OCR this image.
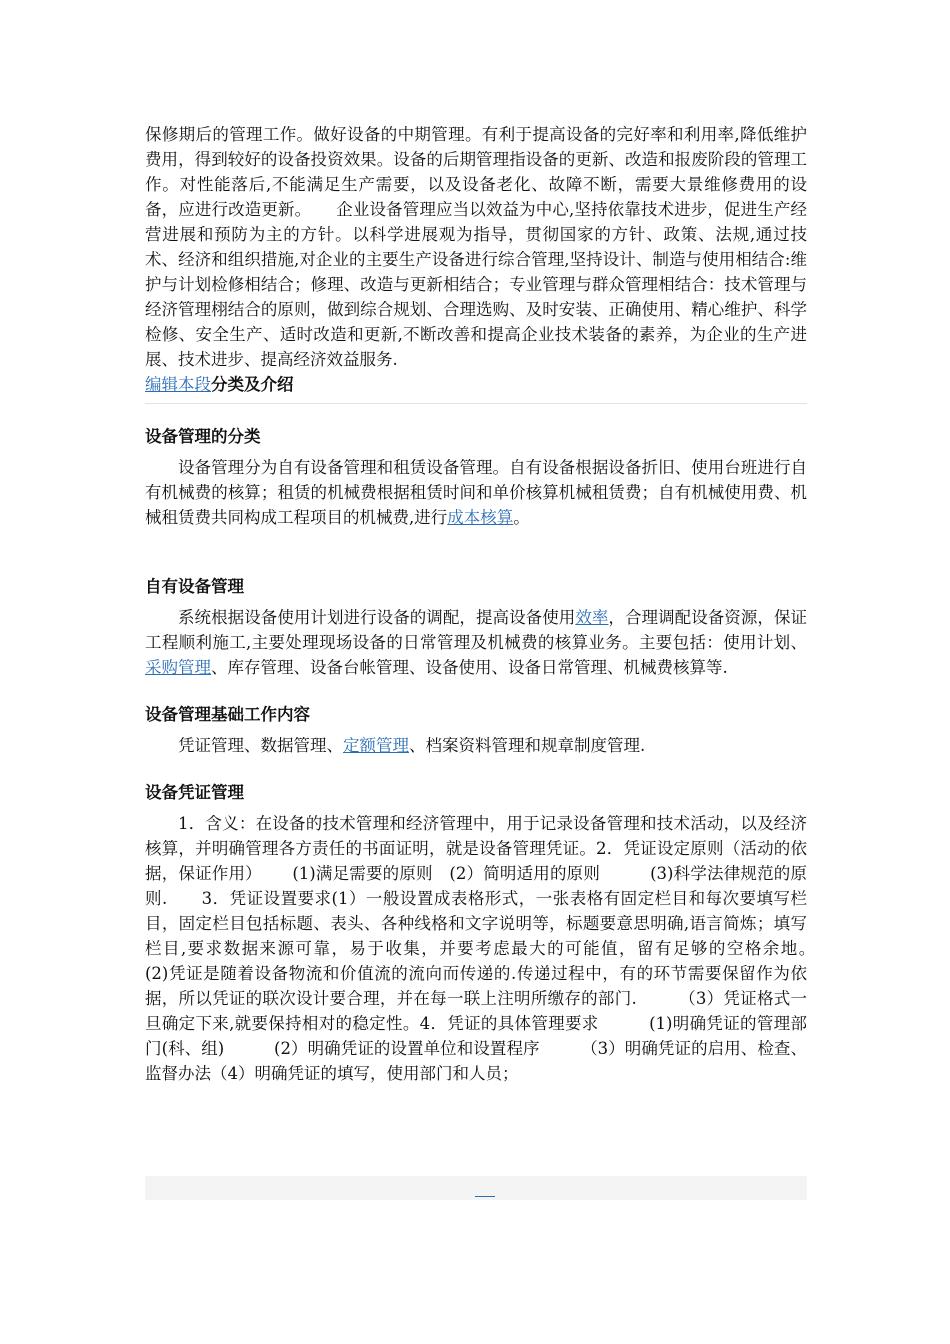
保修期后的管理工作。做好设备的中期管理。有利于提高设备的完好率和利用率,降低维护费用，得到较好的设备投资效果。设备的后期管理指设备的更新、改造和报废阶段的管理工作。对性能落后,不能满足生产需要，以及设备老化、故障不断，需要大景维修费用的设备，应进行改造更新。　　企业设备管理应当以效益为中心,坚持依靠技术进步，促进生产经营进展和预防为主的方针。以科学进展观为指导，贯彻国家的方针、政策、法规,通过技术、经济和组织措施,对企业的主要生产设备进行综合管理,坚持设计、制造与使用相结合:维护与计划检修相结合；修理、改造与更新相结合；专业管理与群众管理相结合：技术管理与经济管理栩结合的原则，做到综合规划、合理选购、及时安装、正确使用、精心维护、科学检修、安全生产、适时改造和更新,不断改善和提高企业技术装备的素养，为企业的生产进展、技术进步、提高经济效益服务.

编辑本段分类及介绍
设备管理的分类

设备管理分为自有设备管理和租赁设备管理。自有设备根据设备折旧、使用台班进行自有机械费的核算；租赁的机械费根据租赁时间和单价核算机械租赁费；自有机械使用费、机械租赁费共同构成工程项目的机械费,进行成本核算。

自有设备管理

系统根据设备使用计划进行设备的调配，提高设备使用效率，合理调配设备资源，保证工程顺利施工,主要处理现场设备的日常管理及机械费的核算业务。主要包括：使用计划、采购管理、库存管理、设备台帐管理、设备使用、设备日常管理、机械费核算等.

设备管理基础工作内容

凭证管理、数据管理、定额管理、档案资料管理和规章制度管理.

设备凭证管理

1．含义：在设备的技术管理和经济管理中，用于记录设备管理和技术活动，以及经济核算，并明确管理各方责任的书面证明，就是设备管理凭证。2．凭证设定原则（活动的依据，保证作用）　　 (1)满足需要的原则　(2）简明适用的原则　　　(3)科学法律规范的原则.　　3．凭证设置要求(1）一般设置成表格形式，一张表格有固定栏目和每次要填写栏目，固定栏目包括标题、表头、各种线格和文字说明等，标题要意思明确,语言简炼；填写栏目,要求数据来源可靠，易于收集，并要考虑最大的可能值，留有足够的空格余地。　　　(2)凭证是随着设备物流和价值流的流向而传递的.传递过程中，有的环节需要保留作为依据，所以凭证的联次设计要合理，并在每一联上注明所缴存的部门.　　　（3）凭证格式一旦确定下来,就要保持相对的稳定性。4．凭证的具体管理要求　　　(1)明确凭证的管理部门(科、组)　　　(2）明确凭证的设置单位和设置程序　　　（3）明确凭证的启用、检查、监督办法（4）明确凭证的填写，使用部门和人员；
